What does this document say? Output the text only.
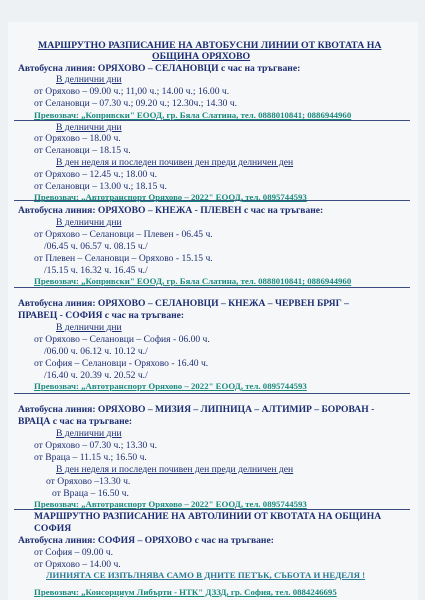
МАРШРУТНО РАЗПИСАНИЕ НА АВТОБУСНИ ЛИНИИ ОТ КВОТАТА НА
ОБЩИНА ОРЯХОВО
Автобусна линия: ОРЯХОВО – СЕЛАНОВЦИ с час на тръгване:
В делнични дни
от Оряхово – 09.00 ч.; 11,00 ч.; 14.00 ч.; 16.00 ч.
от Селановци – 07.30 ч.; 09.20 ч.; 12.30ч.; 14.30 ч.
Превозвач: „Копривски" ЕООД, гр. Бяла Слатина, тел. 0888010841; 0886944960
В делнични дни
от Оряхово – 18.00 ч.
от Селановци – 18.15 ч.
В ден неделя и последен почивен ден преди делничен ден
от Оряхово – 12.45 ч.; 18.00 ч.
от Селановци – 13.00 ч.; 18.15 ч.
Превозвач: „Автотранспорт Оряхово – 2022" ЕООД, тел. 0895744593
Автобусна линия: ОРЯХОВО – КНЕЖА - ПЛЕВЕН с час на тръгване:
В делнични дни
от Оряхово – Селановци – Плевен - 06.45 ч.
/06.45 ч. 06.57 ч. 08.15 ч./
от Плевен – Селановци – Оряхово - 15.15 ч.
/15.15 ч. 16.32 ч. 16.45 ч./
Превозвач: „Копривски" ЕООД, гр. Бяла Слатина, тел. 0888010841; 0886944960
Автобусна линия: ОРЯХОВО – СЕЛАНОВЦИ – КНЕЖА – ЧЕРВЕН БРЯГ –
ПРАВЕЦ - СОФИЯ с час на тръгване:
В делнични дни
от Оряхово – Селановци – София - 06.00 ч.
/06.00 ч. 06.12 ч. 10.12 ч./
от София – Селановци - Оряхово - 16.40 ч.
/16.40 ч. 20.39 ч. 20.52 ч./
Превозвач: „Автотранспорт Оряхово – 2022" ЕООД, тел. 0895744593
Автобусна линия: ОРЯХОВО – МИЗИЯ – ЛИПНИЦА – АЛТИМИР – БОРОВАН -
ВРАЦА с час на тръгване:
В делнични дни
от Оряхово – 07.30 ч.; 13.30 ч.
от Враца – 11.15 ч.; 16.50 ч.
В ден неделя и последен почивен ден преди делничен ден
от Оряхово –13.30 ч.
от Враца – 16.50 ч.
Превозвач: „Автотранспорт Оряхово – 2022" ЕООД, тел. 0895744593
МАРШРУТНО РАЗПИСАНИЕ НА АВТОЛИНИИ ОТ КВОТАТА НА ОБЩИНА
СОФИЯ
Автобусна линия: СОФИЯ – ОРЯХОВО с час на тръгване:
от София – 09.00 ч.
от Оряхово – 14.00 ч.
ЛИНИЯТА СЕ ИЗПЪЛНЯВА САМО В ДНИТЕ ПЕТЪК, СЪБОТА И НЕДЕЛЯ !
Превозвач: „Консорциум Либърти - НТК" ДЗЗД, гр. София, тел. 0884246695
